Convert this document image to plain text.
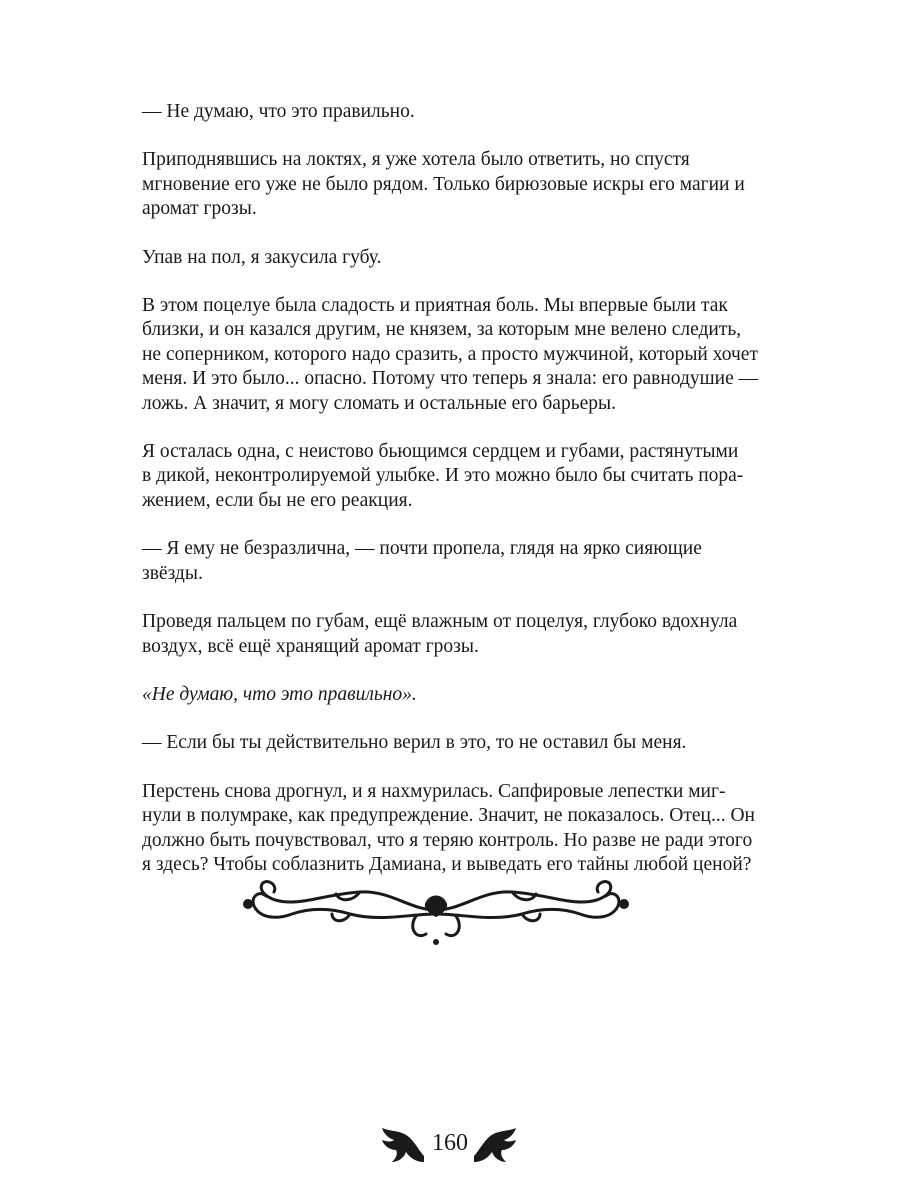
— Не думаю, что это правильно.

Приподнявшись на локтях, я уже хотела было ответить, но спустя
мгновение его уже не было рядом. Только бирюзовые искры его магии и
аромат грозы.

Упав на пол, я закусила губу.

В этом поцелуе была сладость и приятная боль. Мы впервые были так
близки, и он казался другим, не князем, за которым мне велено следить,
не соперником, которого надо сразить, а просто мужчиной, который хочет
меня. И это было... опасно. Потому что теперь я знала: его равнодушие —
ложь. А значит, я могу сломать и остальные его барьеры.

Я осталась одна, с неистово бьющимся сердцем и губами, растянутыми
в дикой, неконтролируемой улыбке. И это можно было бы считать пора-
жением, если бы не его реакция.

— Я ему не безразлична, — почти пропела, глядя на ярко сияющие
звёзды.

Проведя пальцем по губам, ещё влажным от поцелуя, глубоко вдохнула
воздух, всё ещё хранящий аромат грозы.

«Не думаю, что это правильно».

— Если бы ты действительно верил в это, то не оставил бы меня.

Перстень снова дрогнул, и я нахмурилась. Сапфировые лепестки миг-
нули в полумраке, как предупреждение. Значит, не показалось. Отец... Он
должно быть почувствовал, что я теряю контроль. Но разве не ради этого
я здесь? Чтобы соблазнить Дамиана, и выведать его тайны любой ценой?

160
